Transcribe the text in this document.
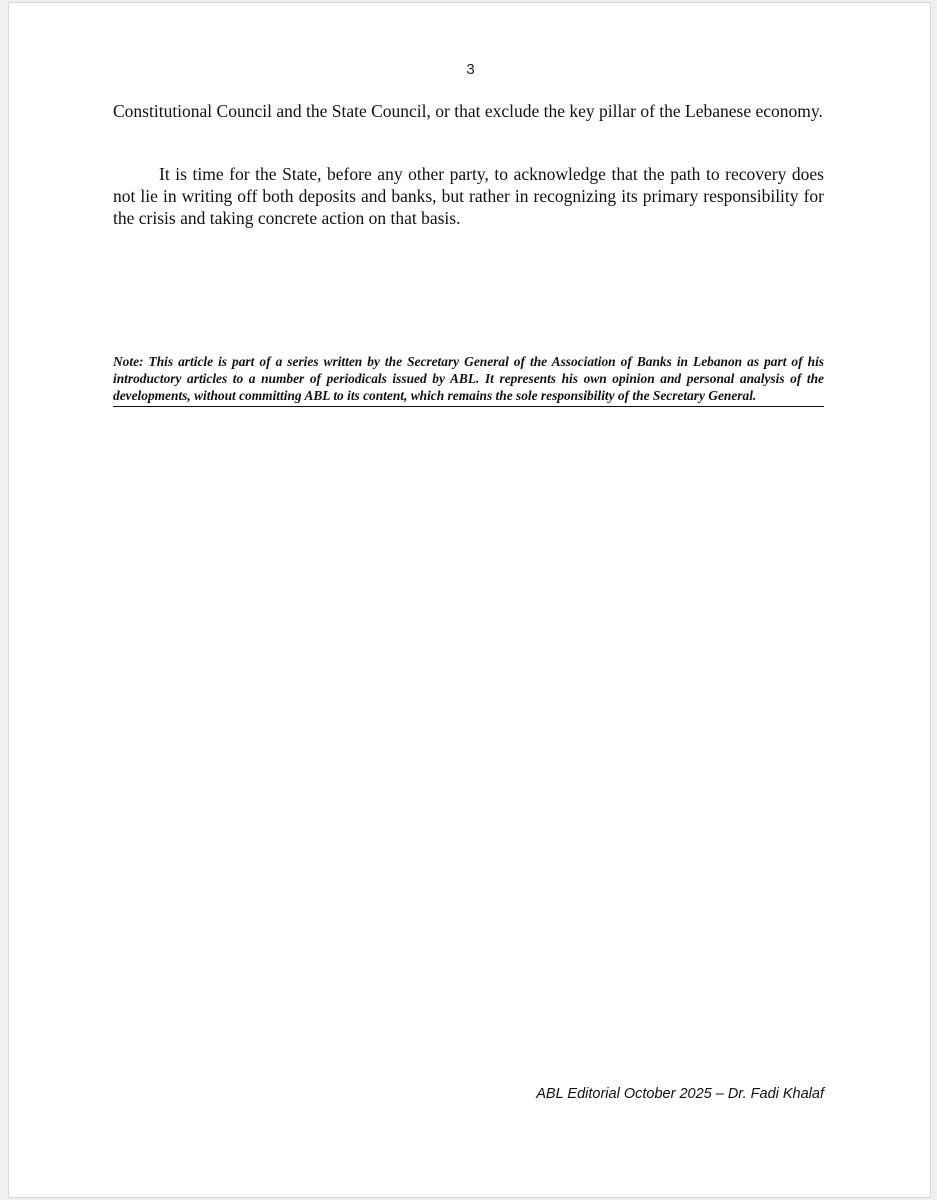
3

Constitutional Council and the State Council, or that exclude the key pillar of the Lebanese economy.

It is time for the State, before any other party, to acknowledge that the path to recovery does not lie in writing off both deposits and banks, but rather in recognizing its primary responsibility for the crisis and taking concrete action on that basis.

Note: This article is part of a series written by the Secretary General of the Association of Banks in Lebanon as part of his introductory articles to a number of periodicals issued by ABL. It represents his own opinion and personal analysis of the developments, without committing ABL to its content, which remains the sole responsibility of the Secretary General.

ABL Editorial October 2025 – Dr. Fadi Khalaf
